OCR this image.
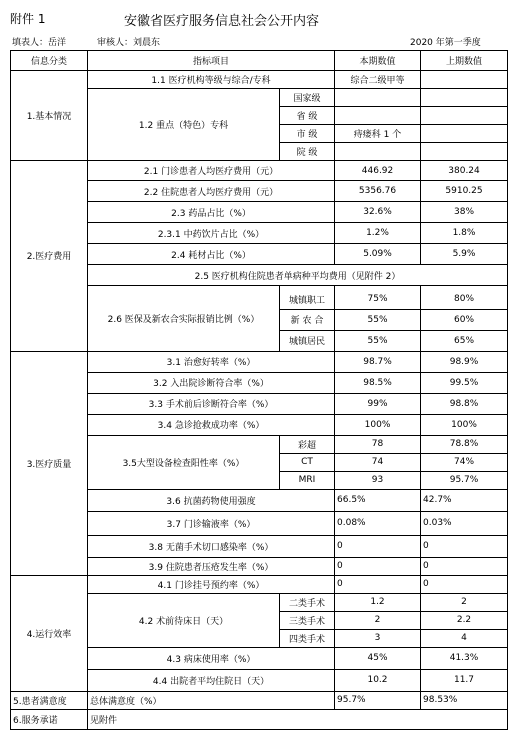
附件 1	安徽省医疗服务信息社会公开内容
填表人：岳洋	审核人：刘晨东	2020 年第一季度
信息分类	指标项目		本期数值	上期数值
1.基本情况	1.1 医疗机构等级与综合/专科		综合二级甲等	
	1.2 重点（特色）专科	国家级		
		省 级		
		市 级	痔瘘科 1 个	
		院 级		
2.医疗费用	2.1 门诊患者人均医疗费用（元）		446.92	380.24
	2.2 住院患者人均医疗费用（元）		5356.76	5910.25
	2.3 药品占比（%）		32.6%	38%
	2.3.1 中药饮片占比（%）		1.2%	1.8%
	2.4 耗材占比（%）		5.09%	5.9%
	2.5 医疗机构住院患者单病种平均费用（见附件 2）			
	2.6 医保及新农合实际报销比例（%）			
		城镇职工	75%	80%
		新 农 合	55%	60%
		城镇居民	55%	65%
3.医疗质量	3.1 治愈好转率（%）		98.7%	98.9%
	3.2 入出院诊断符合率（%）		98.5%	99.5%
	3.3 手术前后诊断符合率（%）		99%	98.8%
	3.4 急诊抢救成功率（%）		100%	100%
	3.5大型设备检查阳性率（%）	彩超	78	78.8%
		CT	74	74%
		MRI	93	95.7%
	3.6 抗菌药物使用强度		66.5%	42.7%
	3.7 门诊输液率（%）		0.08%	0.03%
	3.8 无菌手术切口感染率（%）		0	0
	3.9 住院患者压疮发生率（%）		0	0
4.运行效率	4.1 门诊挂号预约率（%）		0	0
	4.2 术前待床日（天）	二类手术	1.2	2
		三类手术	2	2.2
		四类手术	3	4
	4.3 病床使用率（%）		45%	41.3%
	4.4 出院者平均住院日（天）		10.2	11.7
5.患者满意度	总体满意度（%）		95.7%	98.53%
6.服务承诺	见附件			
